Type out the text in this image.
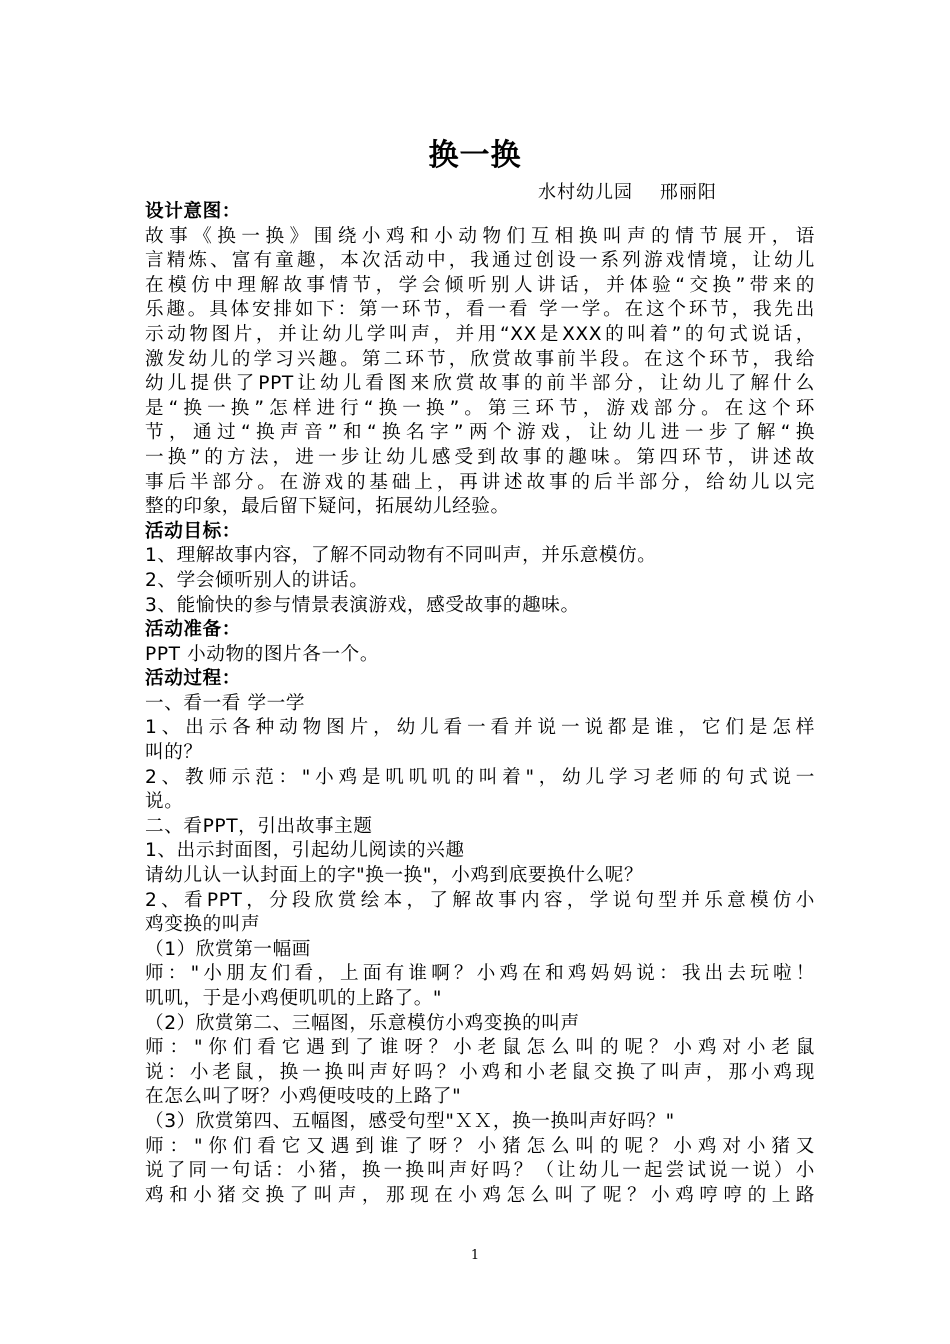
换一换
水村幼儿园    邢丽阳
设计意图：
故事《换一换》围绕小鸡和小动物们互相换叫声的情节展开，语
言精炼、富有童趣，本次活动中，我通过创设一系列游戏情境，让幼儿
在模仿中理解故事情节，学会倾听别人讲话，并体验“交换”带来的
乐趣。具体安排如下：第一环节，看一看 学一学。在这个环节，我先出
示动物图片，并让幼儿学叫声，并用“XX是XXX的叫着”的句式说话，
激发幼儿的学习兴趣。第二环节，欣赏故事前半段。在这个环节，我给
幼儿提供了PPT让幼儿看图来欣赏故事的前半部分，让幼儿了解什么
是“换一换”怎样进行“换一换”。第三环节，游戏部分。在这个环
节，通过“换声音”和“换名字”两个游戏，让幼儿进一步了解“换
一换”的方法，进一步让幼儿感受到故事的趣味。第四环节，讲述故
事后半部分。在游戏的基础上，再讲述故事的后半部分，给幼儿以完
整的印象，最后留下疑问，拓展幼儿经验。
活动目标：
1、理解故事内容，了解不同动物有不同叫声，并乐意模仿。
2、学会倾听别人的讲话。
3、能愉快的参与情景表演游戏，感受故事的趣味。
活动准备：
PPT 小动物的图片各一个。
活动过程：
一、看一看 学一学
1、出示各种动物图片，幼儿看一看并说一说都是谁，它们是怎样
叫的？
2、教师示范："小鸡是叽叽叽的叫着"，幼儿学习老师的句式说一
说。
二、看PPT，引出故事主题
1、出示封面图，引起幼儿阅读的兴趣
请幼儿认一认封面上的字"换一换"，小鸡到底要换什么呢？
2、看PPT，分段欣赏绘本，了解故事内容，学说句型并乐意模仿小
鸡变换的叫声
（1）欣赏第一幅画
师："小朋友们看，上面有谁啊？小鸡在和鸡妈妈说：我出去玩啦！
叽叽，于是小鸡便叽叽的上路了。"
（2）欣赏第二、三幅图，乐意模仿小鸡变换的叫声
师："你们看它遇到了谁呀？小老鼠怎么叫的呢？小鸡对小老鼠
说：小老鼠，换一换叫声好吗？小鸡和小老鼠交换了叫声，那小鸡现
在怎么叫了呀？小鸡便吱吱的上路了"
（3）欣赏第四、五幅图，感受句型"ＸＸ，换一换叫声好吗？"
师："你们看它又遇到谁了呀？小猪怎么叫的呢？小鸡对小猪又
说了同一句话：小猪，换一换叫声好吗？（让幼儿一起尝试说一说）小
鸡和小猪交换了叫声，那现在小鸡怎么叫了呢？小鸡哼哼的上路
1
